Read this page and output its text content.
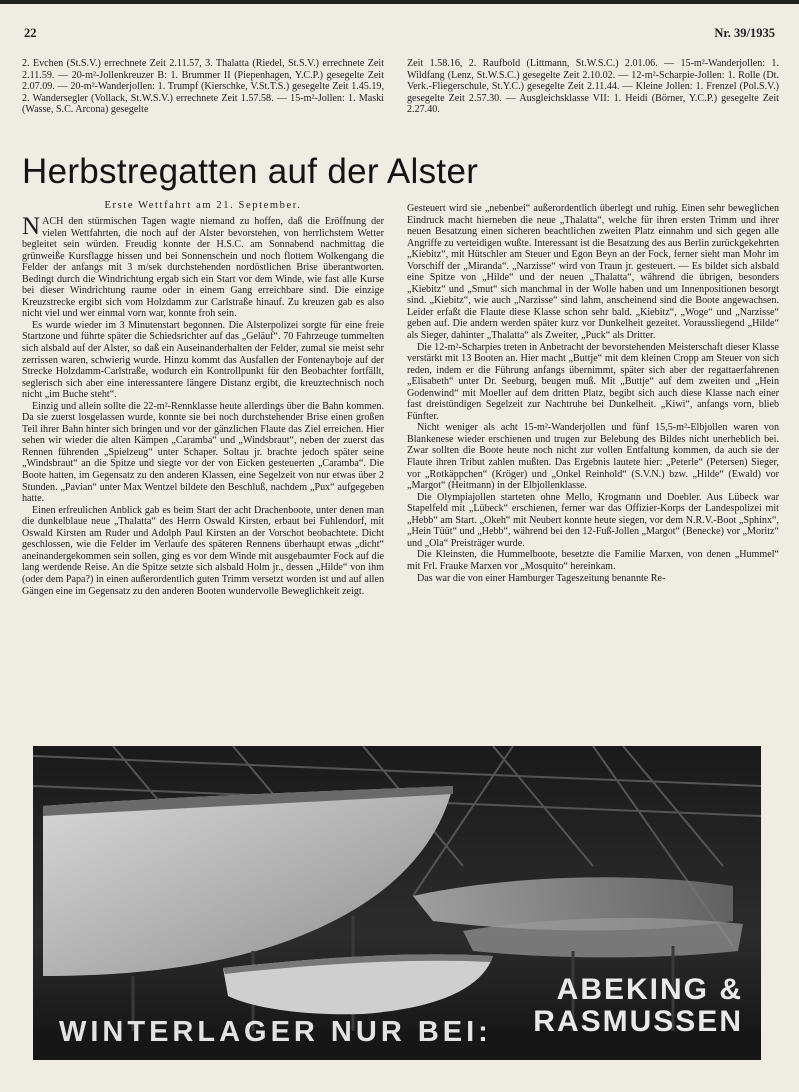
22	Nr. 39/1935

2. Evchen (St.S.V.) errechnete Zeit 2.11.57, 3. Thalatta (Riedel, St.S.V.) errechnete Zeit 2.11.59. — 20-m²-Jollenkreuzer B: 1. Brummer II (Piepenhagen, Y.C.P.) gesegelte Zeit 2.07.09. — 20-m²-Wanderjollen: 1. Trumpf (Kierschke, V.St.T.S.) gesegelte Zeit 1.45.19, 2. Wandersegler (Vollack, St.W.S.V.) errechnete Zeit 1.57.58. — 15-m²-Jollen: 1. Maski (Wasse, S.C. Arcona) gesegelte

Zeit 1.58.16, 2. Raufbold (Littmann, St.W.S.C.) 2.01.06. — 15-m²-Wanderjollen: 1. Wildfang (Lenz, St.W.S.C.) gesegelte Zeit 2.10.02. — 12-m²-Scharpie-Jollen: 1. Rolle (Dt. Verk.-Fliegerschule, St.Y.C.) gesegelte Zeit 2.11.44. — Kleine Jollen: 1. Frenzel (Pol.S.V.) gesegelte Zeit 2.57.30. — Ausgleichsklasse VII: 1. Heidi (Börner, Y.C.P.) gesegelte Zeit 2.27.40.

Herbstregatten auf der Alster
Erste Wettfahrt am 21. September.

NACH den stürmischen Tagen wagte niemand zu hoffen, daß die Eröffnung der vielen Wettfahrten, die noch auf der Alster bevorstehen, von herrlichstem Wetter begleitet sein würden. Freudig konnte der H.S.C. am Sonnabend nachmittag die grünweiße Kursflagge hissen und bei Sonnenschein und noch flottem Wolkengang die Felder der anfangs mit 3 m/sek durchstehenden nordöstlichen Brise überantworten. Bedingt durch die Windrichtung ergab sich ein Start vor dem Winde, wie fast alle Kurse bei dieser Windrichtung raume oder in einem Gang erreichbare sind. Die einzige Kreuzstrecke ergibt sich vom Holzdamm zur Carlstraße hinauf. Zu kreuzen gab es also nicht viel und wer einmal vorn war, konnte froh sein.

Es wurde wieder im 3 Minutenstart begonnen. Die Alsterpolizei sorgte für eine freie Startzone und führte später die Schiedsrichter auf das „Geläuf“. 70 Fahrzeuge tummelten sich alsbald auf der Alster, so daß ein Auseinanderhalten der Felder, zumal sie meist sehr zerrissen waren, schwierig wurde. Hinzu kommt das Ausfallen der Fontenayboje auf der Strecke Holzdamm-Carlstraße, wodurch ein Kontrollpunkt für den Beobachter fortfällt, seglerisch sich aber eine interessantere längere Distanz ergibt, die kreuztechnisch noch nicht „im Buche steht“.

Einzig und allein sollte die 22-m²-Rennklasse heute allerdings über die Bahn kommen. Da sie zuerst losgelassen wurde, konnte sie bei noch durchstehender Brise einen großen Teil ihrer Bahn hinter sich bringen und vor der gänzlichen Flaute das Ziel erreichen. Hier sehen wir wieder die alten Kämpen „Caramba“ und „Windsbraut“, neben der zuerst das Rennen führenden „Spielzeug“ unter Schaper. Soltau jr. brachte jedoch später seine „Windsbraut“ an die Spitze und siegte vor der von Eicken gesteuerten „Caramba“. Die Boote hatten, im Gegensatz zu den anderen Klassen, eine Segelzeit von nur etwas über 2 Stunden. „Pavian“ unter Max Wentzel bildete den Beschluß, nachdem „Pux“ aufgegeben hatte.

Einen erfreulichen Anblick gab es beim Start der acht Drachenboote, unter denen man die dunkelblaue neue „Thalatta“ des Herrn Oswald Kirsten, erbaut bei Fuhlendorf, mit Oswald Kirsten am Ruder und Adolph Paul Kirsten an der Vorschot beobachtete. Dicht geschlossen, wie die Felder im Verlaufe des späteren Rennens überhaupt etwas „dicht“ aneinandergekommen sein sollen, ging es vor dem Winde mit ausgebaumter Fock auf die lang werdende Reise. An die Spitze setzte sich alsbald Holm jr., dessen „Hilde“ von ihm (oder dem Papa?) in einen außerordentlich guten Trimm versetzt worden ist und auf allen Gängen eine im Gegensatz zu den anderen Booten wundervolle Beweglichkeit zeigt.

Gesteuert wird sie „nebenbei“ außerordentlich überlegt und ruhig. Einen sehr beweglichen Eindruck macht hierneben die neue „Thalatta“, welche für ihren ersten Trimm und ihrer neuen Besatzung einen sicheren beachtlichen zweiten Platz einnahm und sich gegen alle Angriffe zu verteidigen wußte. Interessant ist die Besatzung des aus Berlin zurückgekehrten „Kiebitz“, mit Hütschler am Steuer und Egon Beyn an der Fock, ferner sieht man Mohr im Vorschiff der „Miranda“. „Narzisse“ wird von Traun jr. gesteuert. — Es bildet sich alsbald eine Spitze von „Hilde“ und der neuen „Thalatta“, während die übrigen, besonders „Kiebitz“ und „Smut“ sich manchmal in der Wolle haben und um Innenpositionen besorgt sind. „Kiebitz“, wie auch „Narzisse“ sind lahm, anscheinend sind die Boote angewachsen. Leider erfaßt die Flaute diese Klasse schon sehr bald. „Kiebitz“, „Woge“ und „Narzisse“ geben auf. Die andern werden später kurz vor Dunkelheit gezeitet. Voraussliegend „Hilde“ als Sieger, dahinter „Thalatta“ als Zweiter, „Puck“ als Dritter.

Die 12-m²-Scharpies treten in Anbetracht der bevorstehenden Meisterschaft dieser Klasse verstärkt mit 13 Booten an. Hier macht „Buttje“ mit dem kleinen Cropp am Steuer von sich reden, indem er die Führung anfangs übernimmt, später sich aber der regattaerfahrenen „Elisabeth“ unter Dr. Seeburg, beugen muß. Mit „Buttje“ auf dem zweiten und „Hein Godenwind“ mit Moeller auf dem dritten Platz, begibt sich auch diese Klasse nach einer fast dreistündigen Segelzeit zur Nachtruhe bei Dunkelheit. „Kiwi“, anfangs vorn, blieb Fünfter.

Nicht weniger als acht 15-m²-Wanderjollen und fünf 15,5-m²-Elbjollen waren von Blankenese wieder erschienen und trugen zur Belebung des Bildes nicht unerheblich bei. Zwar sollten die Boote heute noch nicht zur vollen Entfaltung kommen, da auch sie der Flaute ihren Tribut zahlen mußten. Das Ergebnis lautete hier: „Peterle“ (Petersen) Sieger, vor „Rotkäppchen“ (Kröger) und „Onkel Reinhold“ (S.V.N.) bzw. „Hilde“ (Ewald) vor „Margot“ (Heitmann) in der Elbjollenklasse.

Die Olympiajollen starteten ohne Mello, Krogmann und Doebler. Aus Lübeck war Stapelfeld mit „Lübeck“ erschienen, ferner war das Offizier-Korps der Landespolizei mit „Hebb“ am Start. „Okeh“ mit Neubert konnte heute siegen, vor dem N.R.V.-Boot „Sphinx“, „Hein Tüüt“ und „Hebb“, während bei den 12-Fuß-Jollen „Margot“ (Benecke) vor „Moritz“ und „Ola“ Preisträger wurde.

Die Kleinsten, die Hummelboote, besetzte die Familie Marxen, von denen „Hummel“ mit Frl. Frauke Marxen vor „Mosquito“ hereinkam.

Das war die von einer Hamburger Tageszeitung benannte Re-

ABEKING &
RASMUSSEN
WINTERLAGER NUR BEI:
